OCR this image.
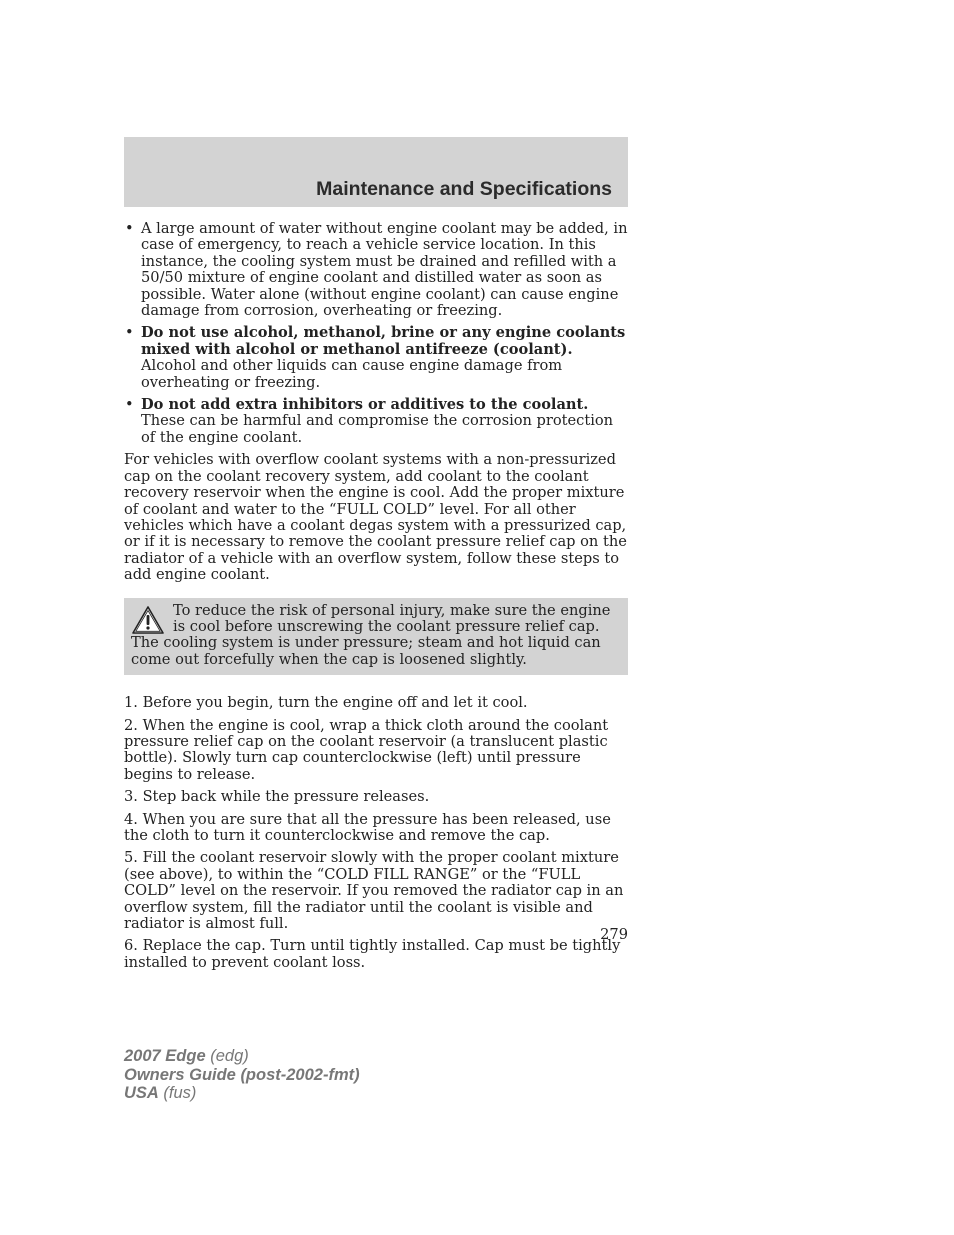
Maintenance and Specifications
• A large amount of water without engine coolant may be added, in case of emergency, to reach a vehicle service location. In this instance, the cooling system must be drained and refilled with a 50/50 mixture of engine coolant and distilled water as soon as possible. Water alone (without engine coolant) can cause engine damage from corrosion, overheating or freezing.
• Do not use alcohol, methanol, brine or any engine coolants mixed with alcohol or methanol antifreeze (coolant). Alcohol and other liquids can cause engine damage from overheating or freezing.
• Do not add extra inhibitors or additives to the coolant. These can be harmful and compromise the corrosion protection of the engine coolant.

For vehicles with overflow coolant systems with a non-pressurized cap on the coolant recovery system, add coolant to the coolant recovery reservoir when the engine is cool. Add the proper mixture of coolant and water to the “FULL COLD” level. For all other vehicles which have a coolant degas system with a pressurized cap, or if it is necessary to remove the coolant pressure relief cap on the radiator of a vehicle with an overflow system, follow these steps to add engine coolant.

To reduce the risk of personal injury, make sure the engine is cool before unscrewing the coolant pressure relief cap. The cooling system is under pressure; steam and hot liquid can come out forcefully when the cap is loosened slightly.

1. Before you begin, turn the engine off and let it cool.

2. When the engine is cool, wrap a thick cloth around the coolant pressure relief cap on the coolant reservoir (a translucent plastic bottle). Slowly turn cap counterclockwise (left) until pressure begins to release.

3. Step back while the pressure releases.

4. When you are sure that all the pressure has been released, use the cloth to turn it counterclockwise and remove the cap.

5. Fill the coolant reservoir slowly with the proper coolant mixture (see above), to within the “COLD FILL RANGE” or the “FULL COLD” level on the reservoir. If you removed the radiator cap in an overflow system, fill the radiator until the coolant is visible and radiator is almost full.

6. Replace the cap. Turn until tightly installed. Cap must be tightly installed to prevent coolant loss.

279

2007 Edge (edg)
Owners Guide (post-2002-fmt)
USA (fus)
